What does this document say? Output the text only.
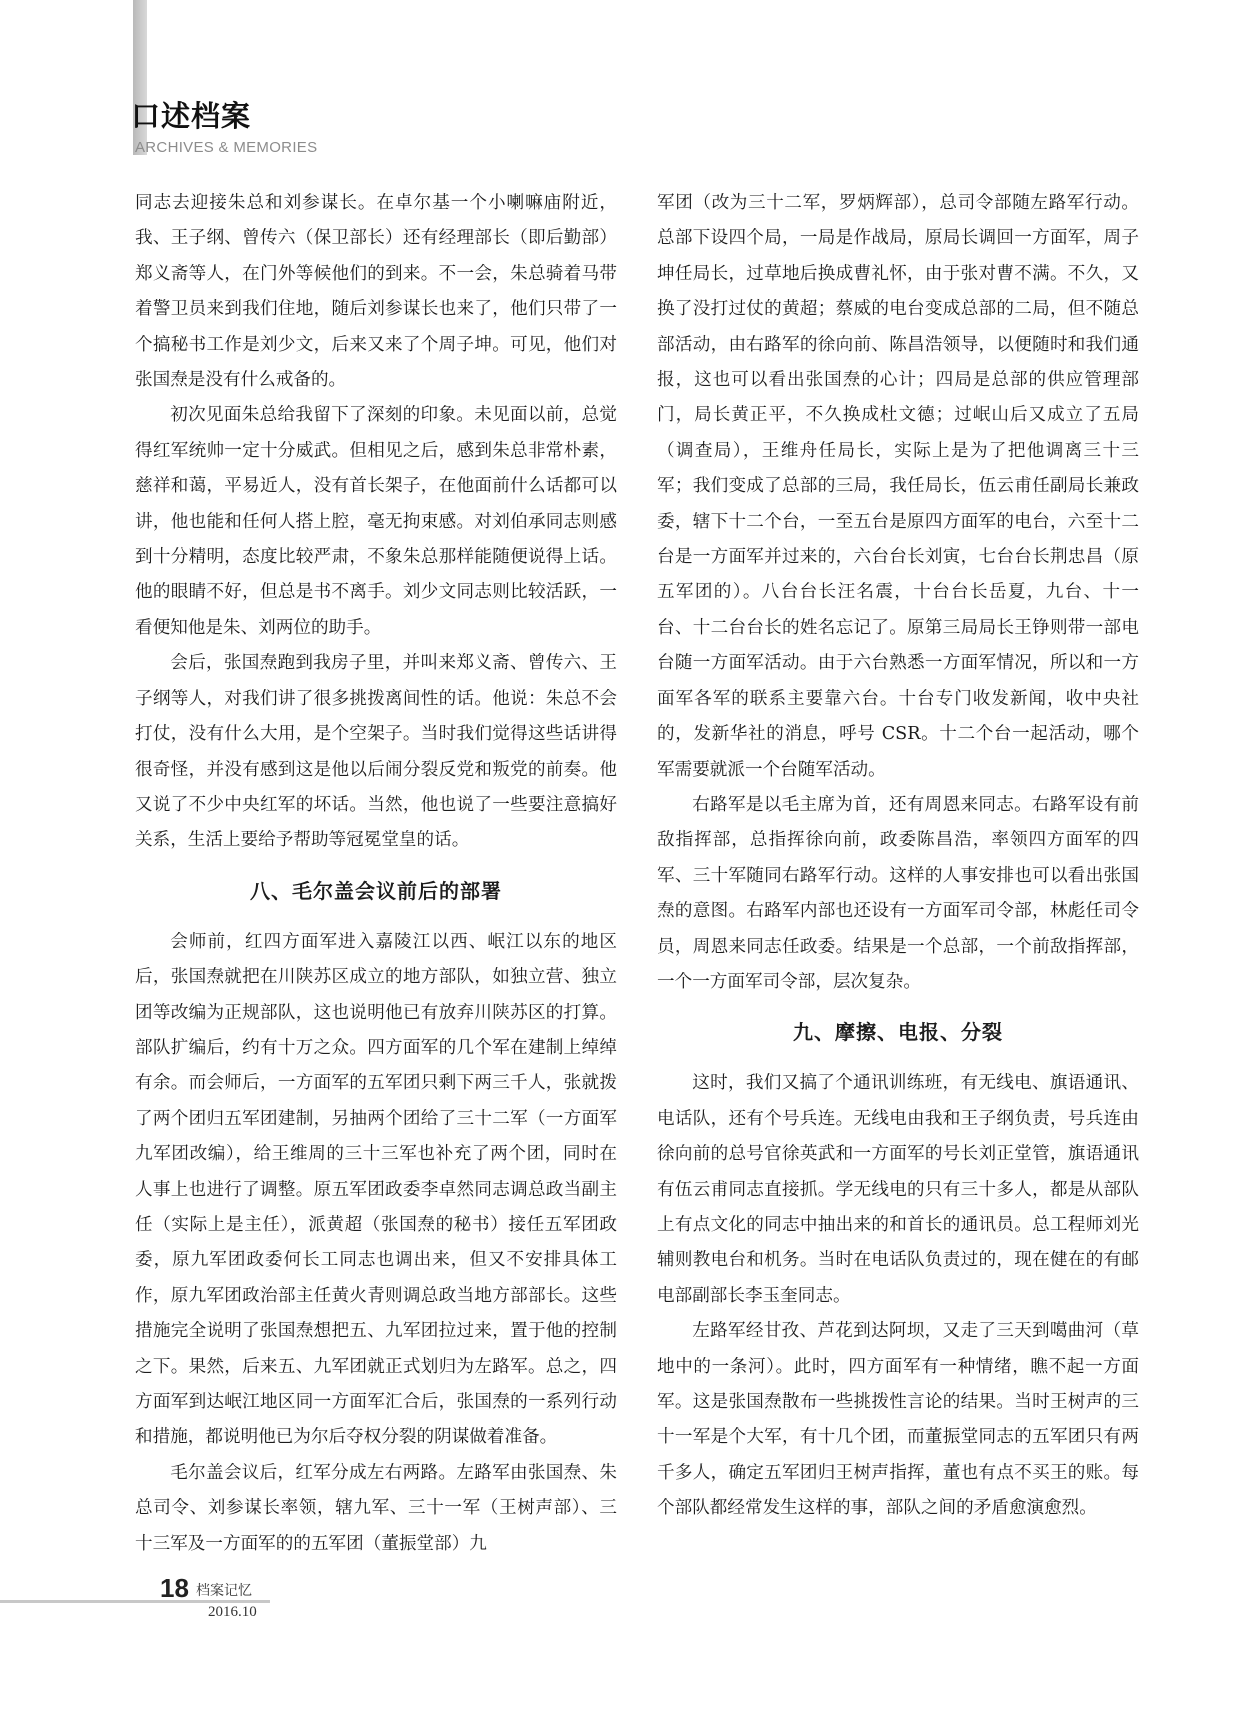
口述档案
ARCHIVES & MEMORIES

同志去迎接朱总和刘参谋长。在卓尔基一个小喇嘛庙附近，我、王子纲、曾传六（保卫部长）还有经理部长（即后勤部）郑义斋等人，在门外等候他们的到来。不一会，朱总骑着马带着警卫员来到我们住地，随后刘参谋长也来了，他们只带了一个搞秘书工作是刘少文，后来又来了个周子坤。可见，他们对张国焘是没有什么戒备的。

初次见面朱总给我留下了深刻的印象。未见面以前，总觉得红军统帅一定十分威武。但相见之后，感到朱总非常朴素，慈祥和蔼，平易近人，没有首长架子，在他面前什么话都可以讲，他也能和任何人搭上腔，毫无拘束感。对刘伯承同志则感到十分精明，态度比较严肃，不象朱总那样能随便说得上话。他的眼睛不好，但总是书不离手。刘少文同志则比较活跃，一看便知他是朱、刘两位的助手。

会后，张国焘跑到我房子里，并叫来郑义斋、曾传六、王子纲等人，对我们讲了很多挑拨离间性的话。他说：朱总不会打仗，没有什么大用，是个空架子。当时我们觉得这些话讲得很奇怪，并没有感到这是他以后闹分裂反党和叛党的前奏。他又说了不少中央红军的坏话。当然，他也说了一些要注意搞好关系，生活上要给予帮助等冠冕堂皇的话。

八、毛尔盖会议前后的部署

会师前，红四方面军进入嘉陵江以西、岷江以东的地区后，张国焘就把在川陕苏区成立的地方部队，如独立营、独立团等改编为正规部队，这也说明他已有放弃川陕苏区的打算。部队扩编后，约有十万之众。四方面军的几个军在建制上绰绰有余。而会师后，一方面军的五军团只剩下两三千人，张就拨了两个团归五军团建制，另抽两个团给了三十二军（一方面军九军团改编），给王维周的三十三军也补充了两个团，同时在人事上也进行了调整。原五军团政委李卓然同志调总政当副主任（实际上是主任），派黄超（张国焘的秘书）接任五军团政委，原九军团政委何长工同志也调出来，但又不安排具体工作，原九军团政治部主任黄火青则调总政当地方部部长。这些措施完全说明了张国焘想把五、九军团拉过来，置于他的控制之下。果然，后来五、九军团就正式划归为左路军。总之，四方面军到达岷江地区同一方面军汇合后，张国焘的一系列行动和措施，都说明他已为尔后夺权分裂的阴谋做着准备。

毛尔盖会议后，红军分成左右两路。左路军由张国焘、朱总司令、刘参谋长率领，辖九军、三十一军（王树声部）、三十三军及一方面军的的五军团（董振堂部）九

军团（改为三十二军，罗炳辉部），总司令部随左路军行动。总部下设四个局，一局是作战局，原局长调回一方面军，周子坤任局长，过草地后换成曹礼怀，由于张对曹不满。不久，又换了没打过仗的黄超；蔡威的电台变成总部的二局，但不随总部活动，由右路军的徐向前、陈昌浩领导，以便随时和我们通报，这也可以看出张国焘的心计；四局是总部的供应管理部门，局长黄正平，不久换成杜文德；过岷山后又成立了五局（调查局），王维舟任局长，实际上是为了把他调离三十三军；我们变成了总部的三局，我任局长，伍云甫任副局长兼政委，辖下十二个台，一至五台是原四方面军的电台，六至十二台是一方面军并过来的，六台台长刘寅，七台台长荆忠昌（原五军团的）。八台台长汪名震，十台台长岳夏，九台、十一台、十二台台长的姓名忘记了。原第三局局长王铮则带一部电台随一方面军活动。由于六台熟悉一方面军情况，所以和一方面军各军的联系主要靠六台。十台专门收发新闻，收中央社的，发新华社的消息，呼号 CSR。十二个台一起活动，哪个军需要就派一个台随军活动。

右路军是以毛主席为首，还有周恩来同志。右路军设有前敌指挥部，总指挥徐向前，政委陈昌浩，率领四方面军的四军、三十军随同右路军行动。这样的人事安排也可以看出张国焘的意图。右路军内部也还设有一方面军司令部，林彪任司令员，周恩来同志任政委。结果是一个总部，一个前敌指挥部，一个一方面军司令部，层次复杂。

九、摩擦、电报、分裂

这时，我们又搞了个通讯训练班，有无线电、旗语通讯、电话队，还有个号兵连。无线电由我和王子纲负责，号兵连由徐向前的总号官徐英武和一方面军的号长刘正堂管，旗语通讯有伍云甫同志直接抓。学无线电的只有三十多人，都是从部队上有点文化的同志中抽出来的和首长的通讯员。总工程师刘光辅则教电台和机务。当时在电话队负责过的，现在健在的有邮电部副部长李玉奎同志。

左路军经甘孜、芦花到达阿坝，又走了三天到噶曲河（草地中的一条河）。此时，四方面军有一种情绪，瞧不起一方面军。这是张国焘散布一些挑拨性言论的结果。当时王树声的三十一军是个大军，有十几个团，而董振堂同志的五军团只有两千多人，确定五军团归王树声指挥，董也有点不买王的账。每个部队都经常发生这样的事，部队之间的矛盾愈演愈烈。

18 档案记忆
2016.10
